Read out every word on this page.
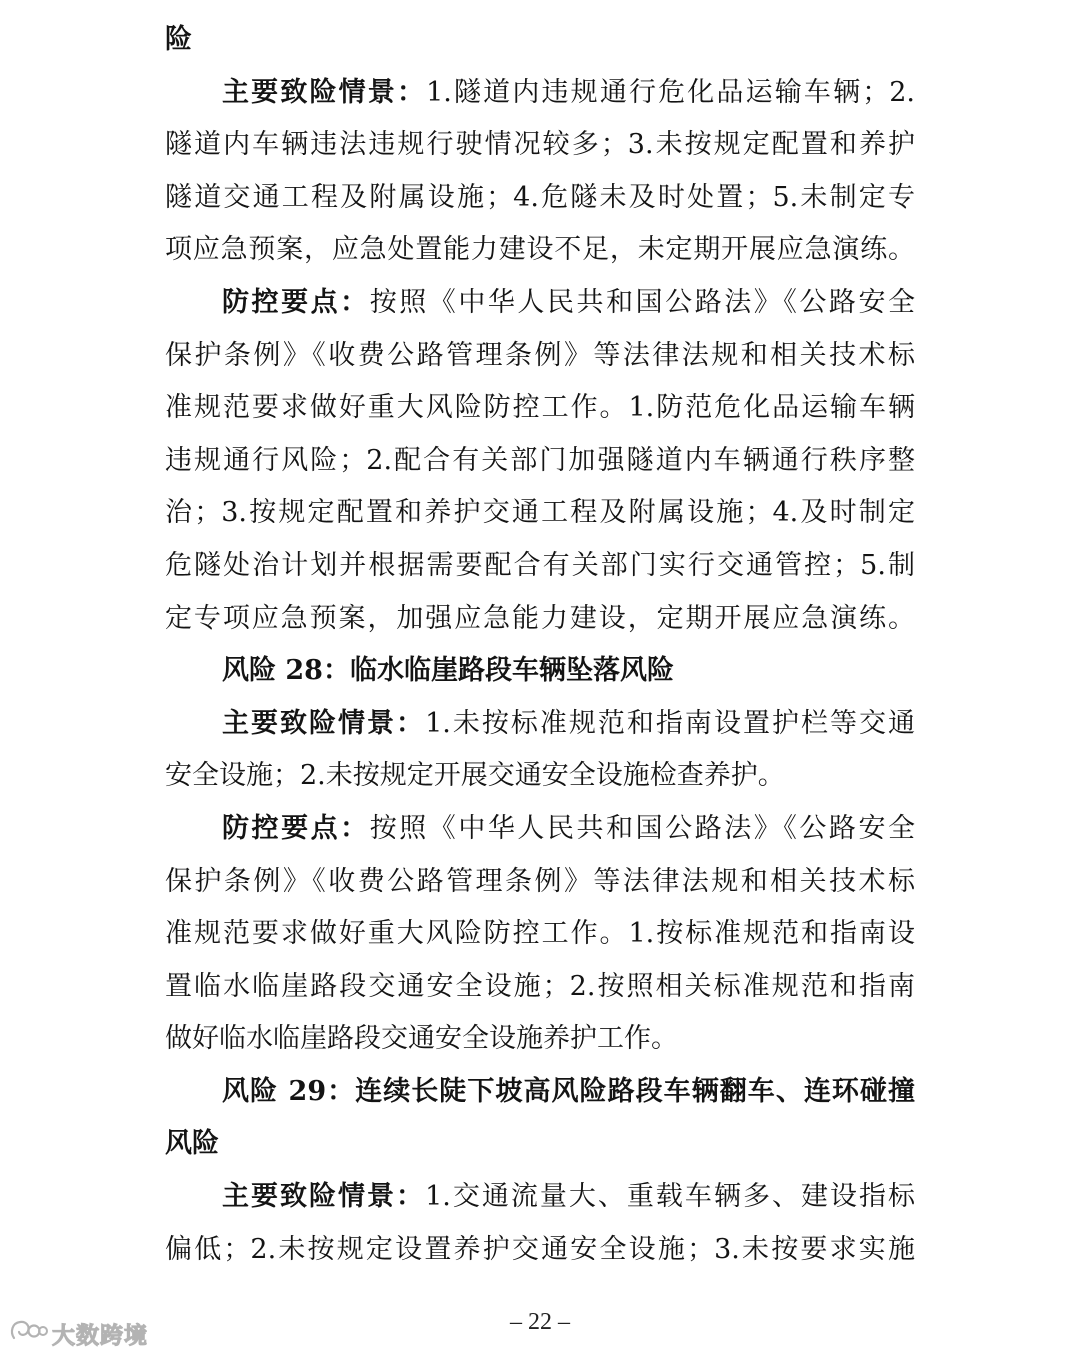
险
主要致险情景：1.隧道内违规通行危化品运输车辆；2.
隧道内车辆违法违规行驶情况较多；3.未按规定配置和养护
隧道交通工程及附属设施；4.危隧未及时处置；5.未制定专
项应急预案，应急处置能力建设不足，未定期开展应急演练。
防控要点：按照《中华人民共和国公路法》《公路安全
保护条例》《收费公路管理条例》等法律法规和相关技术标
准规范要求做好重大风险防控工作。1.防范危化品运输车辆
违规通行风险；2.配合有关部门加强隧道内车辆通行秩序整
治；3.按规定配置和养护交通工程及附属设施；4.及时制定
危隧处治计划并根据需要配合有关部门实行交通管控；5.制
定专项应急预案，加强应急能力建设，定期开展应急演练。
风险 28：临水临崖路段车辆坠落风险
主要致险情景：1.未按标准规范和指南设置护栏等交通
安全设施；2.未按规定开展交通安全设施检查养护。
防控要点：按照《中华人民共和国公路法》《公路安全
保护条例》《收费公路管理条例》等法律法规和相关技术标
准规范要求做好重大风险防控工作。1.按标准规范和指南设
置临水临崖路段交通安全设施；2.按照相关标准规范和指南
做好临水临崖路段交通安全设施养护工作。
风险 29：连续长陡下坡高风险路段车辆翻车、连环碰撞
风险
主要致险情景：1.交通流量大、重载车辆多、建设指标
偏低；2.未按规定设置养护交通安全设施；3.未按要求实施
– 22 –
大数跨境
